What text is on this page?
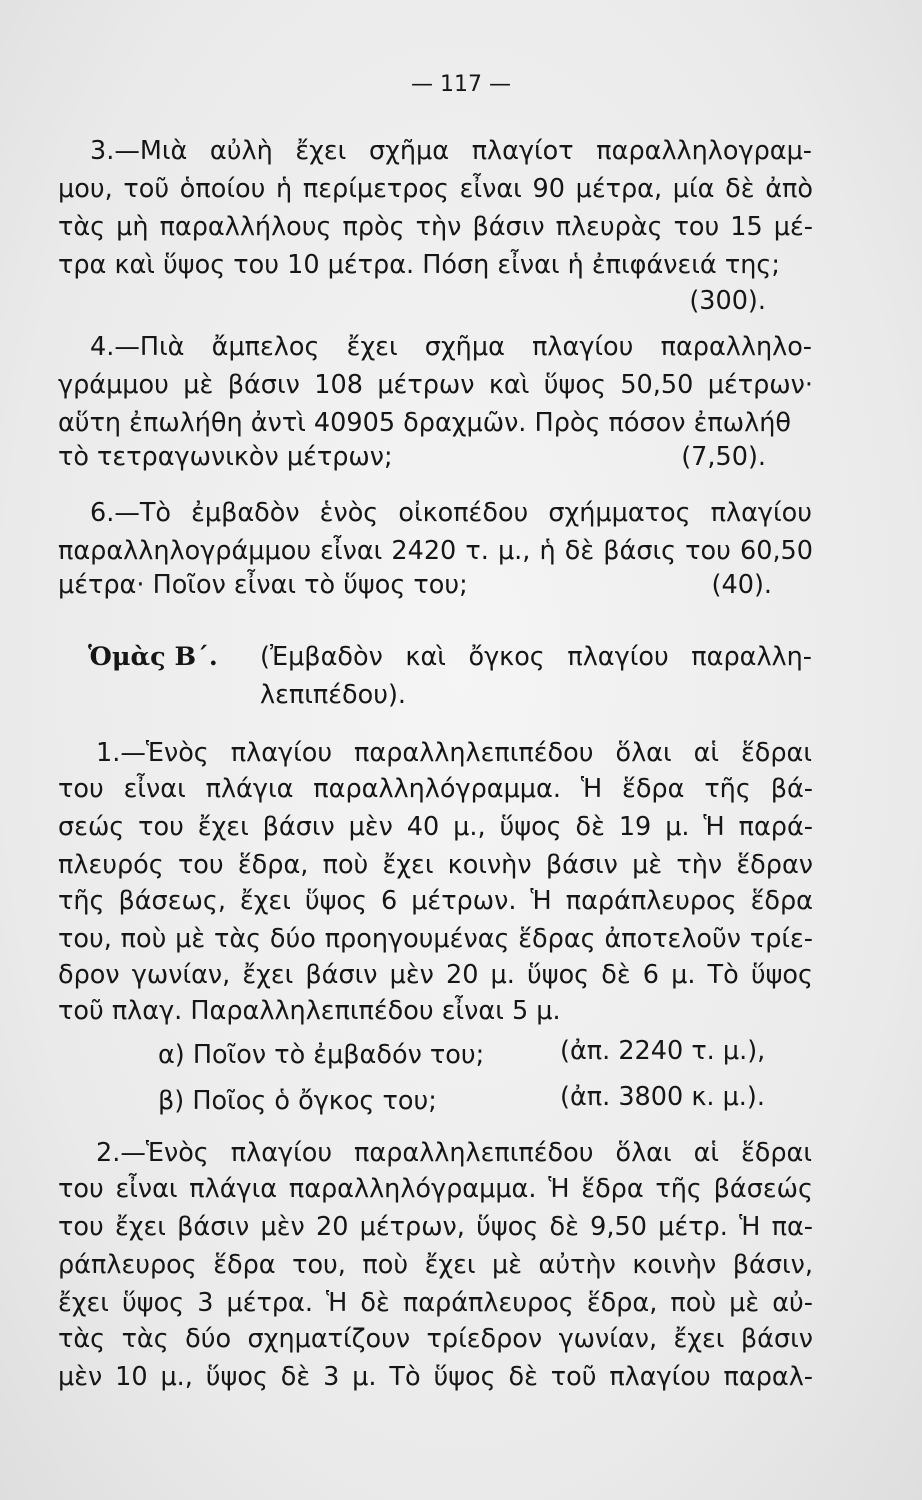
— 117 —
3.—Μιὰ αὐλὴ ἔχει σχῆμα πλαγίοτ παραλληλογραμ-
μου, τοῦ ὁποίου ἡ περίμετρος εἶναι 90 μέτρα, μία δὲ ἀπὸ
τὰς μὴ παραλλήλους πρὸς τὴν βάσιν πλευρὰς του 15 μέ-
τρα καὶ ὕψος του 10 μέτρα. Πόση εἶναι ἡ ἐπιφάνειά της;
(300).
4.—Πιὰ ἄμπελος ἔχει σχῆμα πλαγίου παραλληλο-
γράμμου μὲ βάσιν 108 μέτρων καὶ ὕψος 50,50 μέτρων·
αὕτη ἐπωλήθη ἀντὶ 40905 δραχμῶν. Πρὸς πόσον ἐπωλήθ
τὸ τετραγωνικὸν μέτρων;	(7,50).
6.—Τὸ ἐμβαδὸν ἑνὸς οἰκοπέδου σχήμματος πλαγίου
παραλληλογράμμου εἶναι 2420 τ. μ., ἡ δὲ βάσις του 60,50
μέτρα· Ποῖον εἶναι τὸ ὕψος του;	(40).
Ὁμὰς Β΄.	(Ἐμβαδὸν καὶ ὄγκος πλαγίου παραλλη-
λεπιπέδου).
1.—Ἑνὸς πλαγίου παραλληλεπιπέδου ὅλαι αἱ ἕδραι
του εἶναι πλάγια παραλληλόγραμμα. Ἡ ἕδρα τῆς βά-
σεώς του ἔχει βάσιν μὲν 40 μ., ὕψος δὲ 19 μ. Ἡ παρά-
πλευρός του ἕδρα, ποὺ ἔχει κοινὴν βάσιν μὲ τὴν ἕδραν
τῆς βάσεως, ἔχει ὕψος 6 μέτρων. Ἡ παράπλευρος ἕδρα
του, ποὺ μὲ τὰς δύο προηγουμένας ἕδρας ἀποτελοῦν τρίε-
δρον γωνίαν, ἔχει βάσιν μὲν 20 μ. ὕψος δὲ 6 μ. Τὸ ὕψος
τοῦ πλαγ. Παραλληλεπιπέδου εἶναι 5 μ.
α) Ποῖον τὸ ἐμβαδόν του;	(ἀπ. 2240 τ. μ.),
β) Ποῖος ὁ ὄγκος του;	(ἀπ. 3800 κ. μ.).
2.—Ἑνὸς πλαγίου παραλληλεπιπέδου ὅλαι αἱ ἕδραι
του εἶναι πλάγια παραλληλόγραμμα. Ἡ ἕδρα τῆς βάσεώς
του ἔχει βάσιν μὲν 20 μέτρων, ὕψος δὲ 9,50 μέτρ. Ἡ πα-
ράπλευρος ἕδρα του, ποὺ ἔχει μὲ αὐτὴν κοινὴν βάσιν,
ἔχει ὕψος 3 μέτρα. Ἡ δὲ παράπλευρος ἕδρα, ποὺ μὲ αὐ-
τὰς τὰς δύο σχηματίζουν τρίεδρον γωνίαν, ἔχει βάσιν
μὲν 10 μ., ὕψος δὲ 3 μ. Τὸ ὕψος δὲ τοῦ πλαγίου παραλ-
